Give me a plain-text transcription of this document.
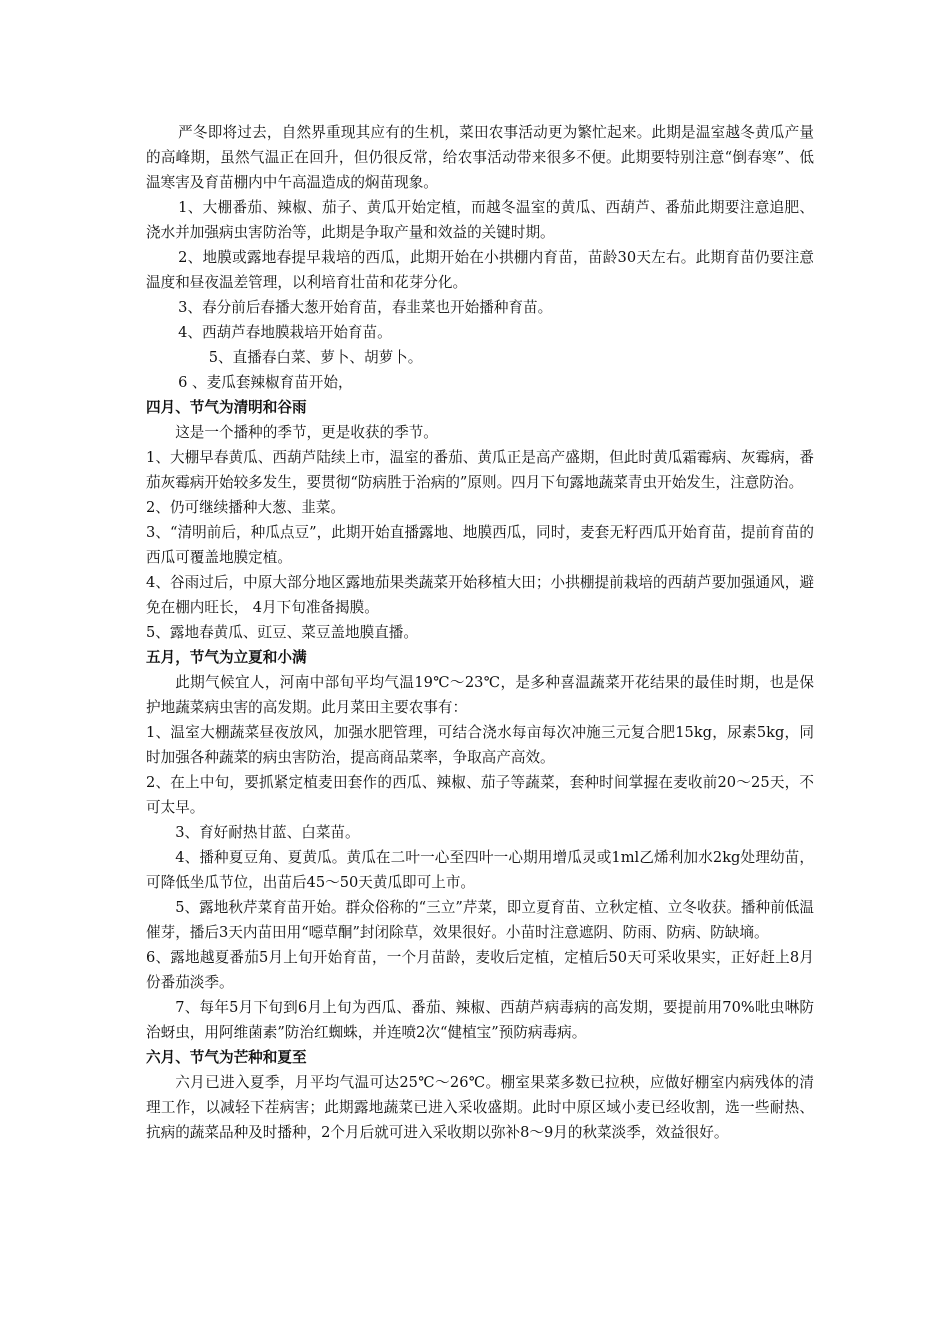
严冬即将过去，自然界重现其应有的生机，菜田农事活动更为繁忙起来。此期是温室越冬黄瓜产量的高峰期，虽然气温正在回升，但仍很反常，给农事活动带来很多不便。此期要特别注意“倒春寒”、低温寒害及育苗棚内中午高温造成的焖苗现象。

1、大棚番茄、辣椒、茄子、黄瓜开始定植，而越冬温室的黄瓜、西葫芦、番茄此期要注意追肥、浇水并加强病虫害防治等，此期是争取产量和效益的关键时期。

2、地膜或露地春提早栽培的西瓜，此期开始在小拱棚内育苗，苗龄30天左右。此期育苗仍要注意温度和昼夜温差管理，以利培育壮苗和花芽分化。

3、春分前后春播大葱开始育苗，春韭菜也开始播种育苗。

4、西葫芦春地膜栽培开始育苗。

5、直播春白菜、萝卜、胡萝卜。

6 、麦瓜套辣椒育苗开始，

四月、节气为清明和谷雨

这是一个播种的季节，更是收获的季节。

1、大棚早春黄瓜、西葫芦陆续上市，温室的番茄、黄瓜正是高产盛期，但此时黄瓜霜霉病、灰霉病，番茄灰霉病开始较多发生，要贯彻“防病胜于治病的”原则。四月下旬露地蔬菜青虫开始发生，注意防治。

2、仍可继续播种大葱、韭菜。

3、“清明前后，种瓜点豆”，此期开始直播露地、地膜西瓜，同时，麦套无籽西瓜开始育苗，提前育苗的西瓜可覆盖地膜定植。

4、谷雨过后，中原大部分地区露地茄果类蔬菜开始移植大田；小拱棚提前栽培的西葫芦要加强通风，避免在棚内旺长， 4月下旬准备揭膜。

5、露地春黄瓜、豇豆、菜豆盖地膜直播。

五月，节气为立夏和小满

此期气候宜人，河南中部旬平均气温19℃～23℃，是多种喜温蔬菜开花结果的最佳时期，也是保护地蔬菜病虫害的高发期。此月菜田主要农事有：

1、温室大棚蔬菜昼夜放风，加强水肥管理，可结合浇水每亩每次冲施三元复合肥15kg，尿素5kg，同时加强各种蔬菜的病虫害防治，提高商品菜率，争取高产高效。

2、在上中旬，要抓紧定植麦田套作的西瓜、辣椒、茄子等蔬菜，套种时间掌握在麦收前20～25天，不可太早。

3、育好耐热甘蓝、白菜苗。

4、播种夏豆角、夏黄瓜。黄瓜在二叶一心至四叶一心期用增瓜灵或1ml乙烯利加水2kg处理幼苗，可降低坐瓜节位，出苗后45～50天黄瓜即可上市。

5、露地秋芹菜育苗开始。群众俗称的“三立”芹菜，即立夏育苗、立秋定植、立冬收获。播种前低温催芽，播后3天内苗田用“噁草酮”封闭除草，效果很好。小苗时注意遮阴、防雨、防病、防缺墒。

6、露地越夏番茄5月上旬开始育苗，一个月苗龄，麦收后定植，定植后50天可采收果实，正好赶上8月份番茄淡季。

7、每年5月下旬到6月上旬为西瓜、番茄、辣椒、西葫芦病毒病的高发期，要提前用70%吡虫啉防治蚜虫，用阿维菌素”防治红蜘蛛，并连喷2次“健植宝”预防病毒病。

六月、节气为芒种和夏至

六月已进入夏季，月平均气温可达25℃～26℃。棚室果菜多数已拉秧，应做好棚室内病残体的清理工作，以减轻下茬病害；此期露地蔬菜已进入采收盛期。此时中原区域小麦已经收割，选一些耐热、抗病的蔬菜品种及时播种，2个月后就可进入采收期以弥补8～9月的秋菜淡季，效益很好。
